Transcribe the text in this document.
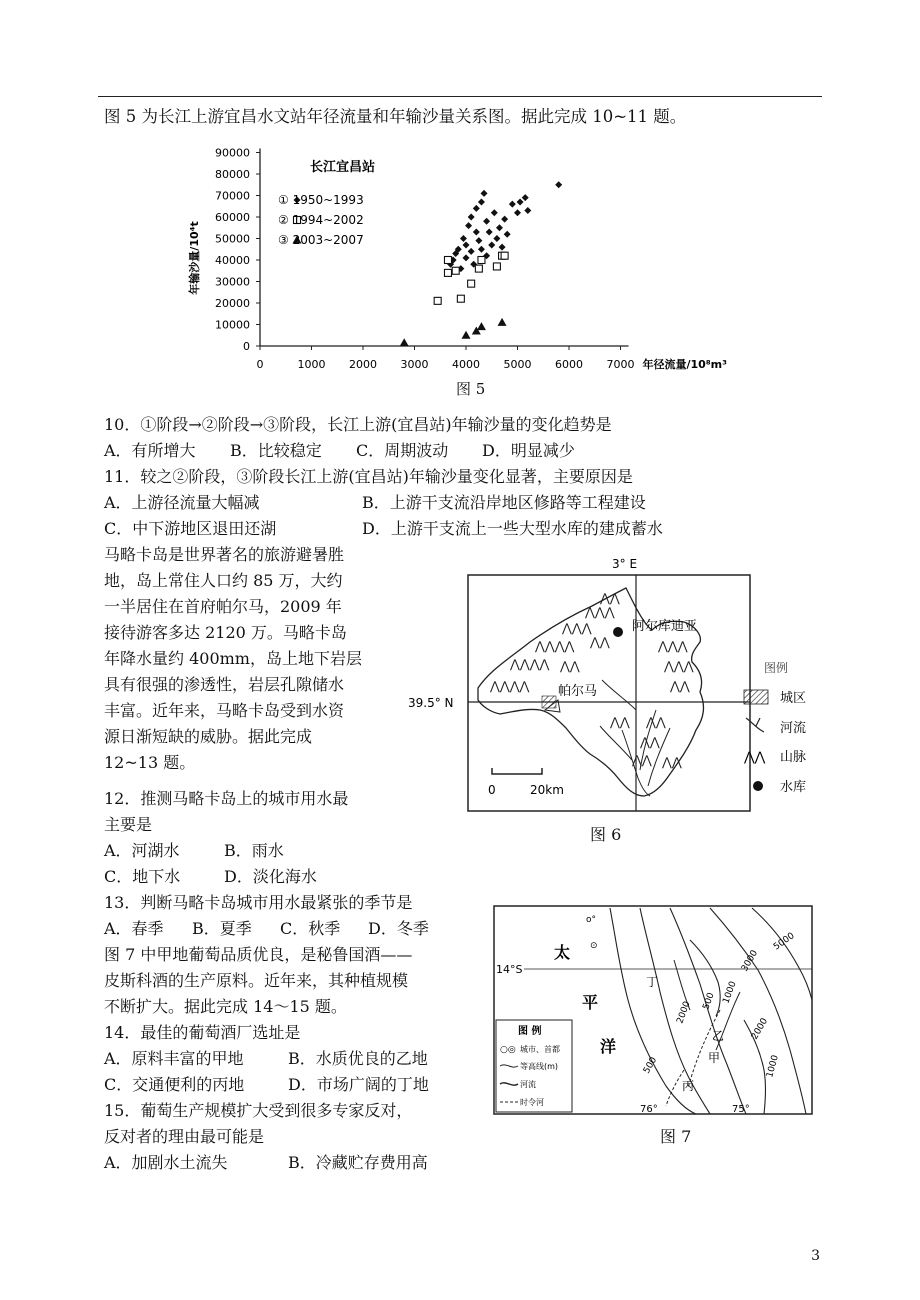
图 5 为长江上游宜昌水文站年径流量和年输沙量关系图。据此完成 10~11 题。
0	1000 2000 3000 4000 5000 6000 7000
0
10000
20000
30000
40000
50000
60000
70000
80000
90000
年径流量/10⁸m³
年输沙量/10⁴t
长江宜昌站
① 1950~1993
② 1994~2002
③ 2003~2007
图 5
10．①阶段→②阶段→③阶段，长江上游(宜昌站)年输沙量的变化趋势是
A．有所增大 B．比较稳定 C．周期波动 D．明显减少
11．较之②阶段，③阶段长江上游(宜昌站)年输沙量变化显著，主要原因是
A．上游径流量大幅减	B．上游干支流沿岸地区修路等工程建设
C．中下游地区退田还湖	D．上游干支流上一些大型水库的建成蓄水
马略卡岛是世界著名的旅游避暑胜
地，岛上常住人口约 85 万，大约
一半居住在首府帕尔马，2009 年
接待游客多达 2120 万。马略卡岛
年降水量约 400mm，岛上地下岩层
具有很强的渗透性，岩层孔隙储水
丰富。近年来，马略卡岛受到水资
源日渐短缺的威胁。据此完成
12~13 题。
12．推测马略卡岛上的城市用水最
主要是
A．河湖水	B．雨水
C．地下水	D．淡化海水
13．判断马略卡岛城市用水最紧张的季节是
A．春季 B．夏季 C．秋季 D．冬季
图 7 中甲地葡萄品质优良，是秘鲁国酒——
皮斯科酒的生产原料。近年来，其种植规模
不断扩大。据此完成 14～15 题。
14．最佳的葡萄酒厂选址是
A．原料丰富的甲地	B．水质优良的乙地
C．交通便利的丙地	D．市场广阔的丁地
15．葡萄生产规模扩大受到很多专家反对，
反对者的理由最可能是
A．加剧水土流失	B．冷藏贮存费用高
3° E
39.5° N
⋀⋀⋀⋀
⋀⋀⋀⋀
⋀⋀⋀⋀
⋀⋀⋀
⋀⋀⋀
⋀⋀
⋀⋀
⋀⋀
⋀⋀⋀
⋀⋀⋀
⋀⋀
⋀⋀ ⋀⋀
⋀⋀
⋀⋀ ⋀⋀
阿尔库迪亚
帕尔马
0	20km
图例
城区
河流
⋀⋀ 山脉
水库
图 6
太
平
洋
14°S
o°
⊙
丁
乙
甲
丙
500 1000
2000
3000
5000
2000
1000
500
76°	75°
图 例
○◎ 城市、首都
等高线(m)
河流
时令河
图 7
3
